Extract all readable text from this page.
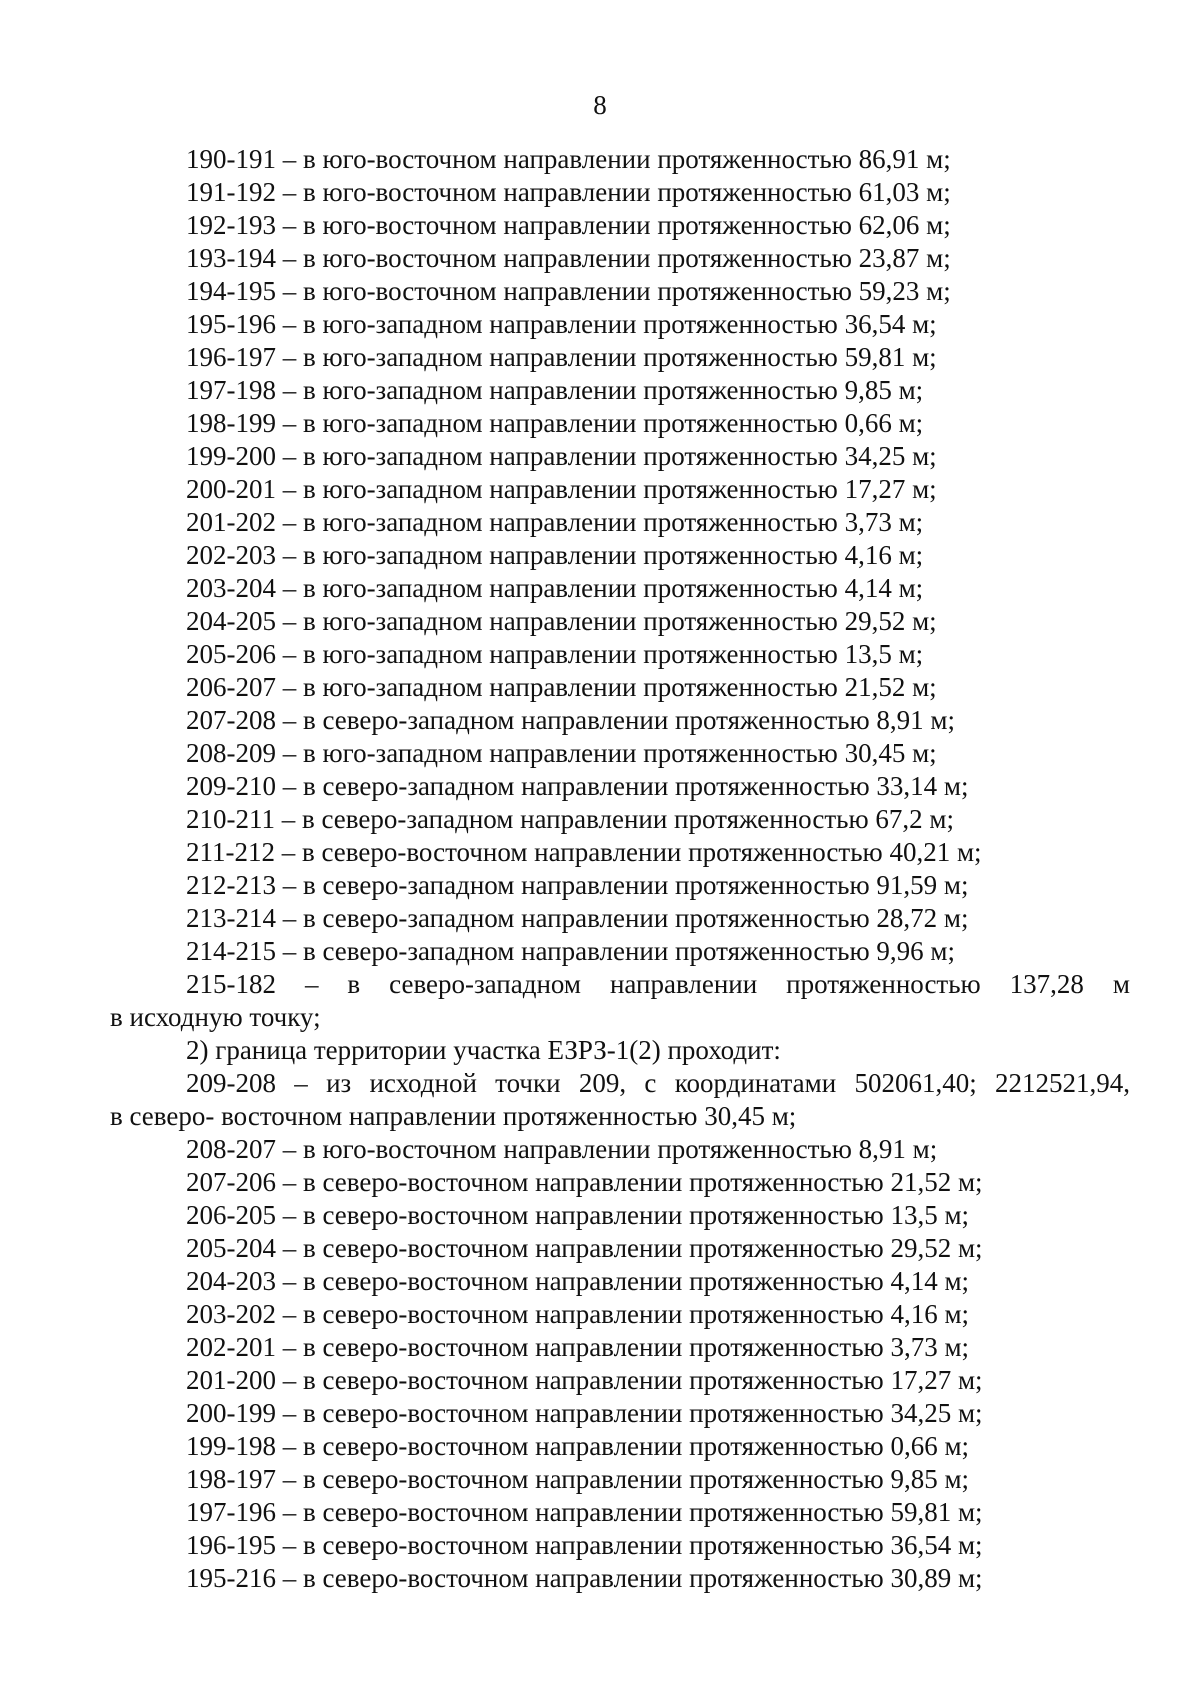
8
190-191 – в юго-восточном направлении протяженностью 86,91 м;
191-192 – в юго-восточном направлении протяженностью 61,03 м;
192-193 – в юго-восточном направлении протяженностью 62,06 м;
193-194 – в юго-восточном направлении протяженностью 23,87 м;
194-195 – в юго-восточном направлении протяженностью 59,23 м;
195-196 – в юго-западном направлении протяженностью 36,54 м;
196-197 – в юго-западном направлении протяженностью 59,81 м;
197-198 – в юго-западном направлении протяженностью 9,85 м;
198-199 – в юго-западном направлении протяженностью 0,66 м;
199-200 – в юго-западном направлении протяженностью 34,25 м;
200-201 – в юго-западном направлении протяженностью 17,27 м;
201-202 – в юго-западном направлении протяженностью 3,73 м;
202-203 – в юго-западном направлении протяженностью 4,16 м;
203-204 – в юго-западном направлении протяженностью 4,14 м;
204-205 – в юго-западном направлении протяженностью 29,52 м;
205-206 – в юго-западном направлении протяженностью 13,5 м;
206-207 – в юго-западном направлении протяженностью 21,52 м;
207-208 – в северо-западном направлении протяженностью 8,91 м;
208-209 – в юго-западном направлении протяженностью 30,45 м;
209-210 – в северо-западном направлении протяженностью 33,14 м;
210-211 – в северо-западном направлении протяженностью 67,2 м;
211-212 – в северо-восточном направлении протяженностью 40,21 м;
212-213 – в северо-западном направлении протяженностью 91,59 м;
213-214 – в северо-западном направлении протяженностью 28,72 м;
214-215 – в северо-западном направлении протяженностью 9,96 м;
215-182 – в северо-западном направлении протяженностью 137,28 м
в исходную точку;
2) граница территории участка ЕЗРЗ-1(2) проходит:
209-208 – из исходной точки 209, с координатами 502061,40; 2212521,94,
в северо- восточном направлении протяженностью 30,45 м;
208-207 – в юго-восточном направлении протяженностью 8,91 м;
207-206 – в северо-восточном направлении протяженностью 21,52 м;
206-205 – в северо-восточном направлении протяженностью 13,5 м;
205-204 – в северо-восточном направлении протяженностью 29,52 м;
204-203 – в северо-восточном направлении протяженностью 4,14 м;
203-202 – в северо-восточном направлении протяженностью 4,16 м;
202-201 – в северо-восточном направлении протяженностью 3,73 м;
201-200 – в северо-восточном направлении протяженностью 17,27 м;
200-199 – в северо-восточном направлении протяженностью 34,25 м;
199-198 – в северо-восточном направлении протяженностью 0,66 м;
198-197 – в северо-восточном направлении протяженностью 9,85 м;
197-196 – в северо-восточном направлении протяженностью 59,81 м;
196-195 – в северо-восточном направлении протяженностью 36,54 м;
195-216 – в северо-восточном направлении протяженностью 30,89 м;
